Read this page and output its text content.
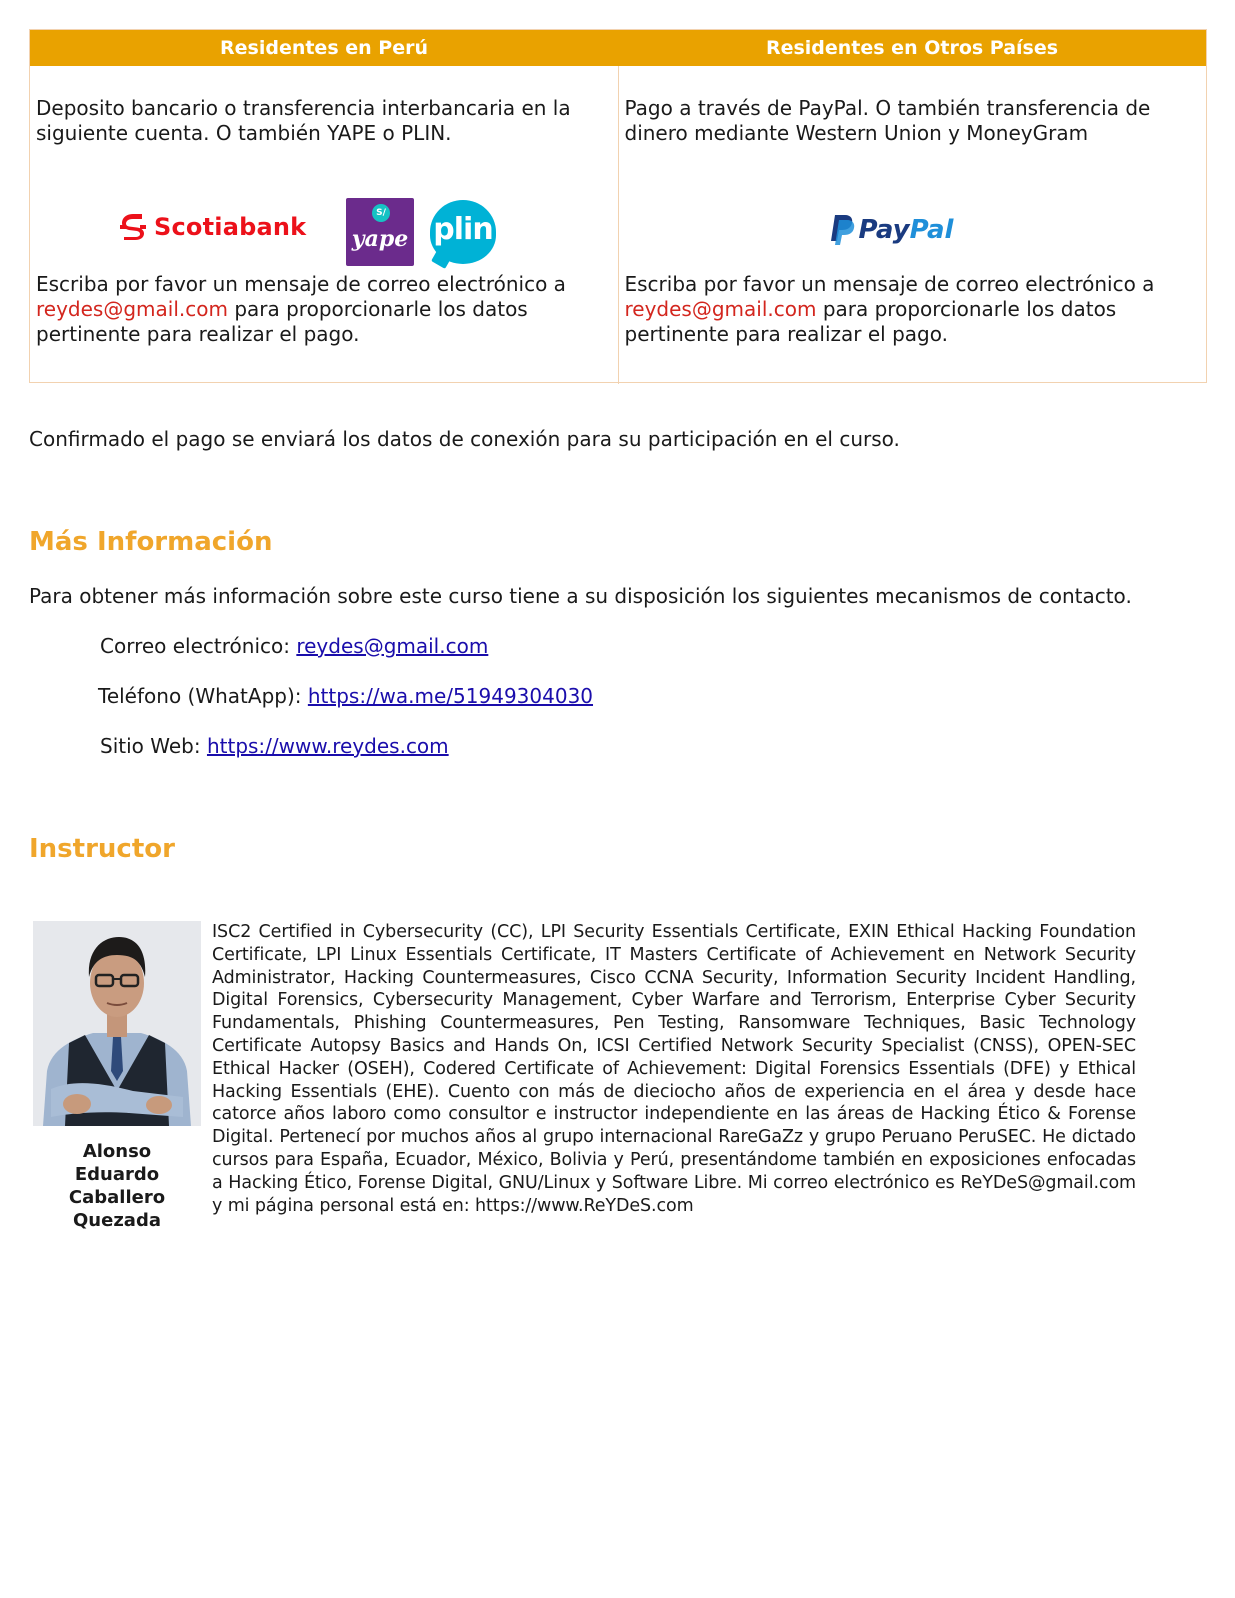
Residentes en Perú	Residentes en Otros Países
Deposito bancario o transferencia interbancaria en la siguiente cuenta. O también YAPE o PLIN.
Scotiabank	S/
yape plin
Escriba por favor un mensaje de correo electrónico a reydes@gmail.com para proporcionarle los datos pertinente para realizar el pago.
Pago a través de PayPal. O también transferencia de dinero mediante Western Union y MoneyGram
PayPal
Escriba por favor un mensaje de correo electrónico a reydes@gmail.com para proporcionarle los datos pertinente para realizar el pago.
Confirmado el pago se enviará los datos de conexión para su participación en el curso.
Más Información
Para obtener más información sobre este curso tiene a su disposición los siguientes mecanismos de contacto.
Correo electrónico: reydes@gmail.com
Teléfono (WhatApp): https://wa.me/51949304030
Sitio Web: https://www.reydes.com
Instructor
Alonso
Eduardo
Caballero
Quezada
ISC2 Certified in Cybersecurity (CC), LPI Security Essentials Certificate, EXIN Ethical Hacking Foundation Certificate, LPI Linux Essentials Certificate, IT Masters Certificate of Achievement en Network Security Administrator, Hacking Countermeasures, Cisco CCNA Security, Information Security Incident Handling, Digital Forensics, Cybersecurity Management, Cyber Warfare and Terrorism, Enterprise Cyber Security Fundamentals, Phishing Countermeasures, Pen Testing, Ransomware Techniques, Basic Technology Certificate Autopsy Basics and Hands On, ICSI Certified Network Security Specialist (CNSS), OPEN-SEC Ethical Hacker (OSEH), Codered Certificate of Achievement: Digital Forensics Essentials (DFE) y Ethical Hacking Essentials (EHE). Cuento con más de dieciocho años de experiencia en el área y desde hace catorce años laboro como consultor e instructor independiente en las áreas de Hacking Ético & Forense Digital. Pertenecí por muchos años al grupo internacional RareGaZz y grupo Peruano PeruSEC. He dictado cursos para España, Ecuador, México, Bolivia y Perú, presentándome también en exposiciones enfocadas a Hacking Ético, Forense Digital, GNU/Linux y Software Libre. Mi correo electrónico es ReYDeS@gmail.com y mi página personal está en: https://www.ReYDeS.com
